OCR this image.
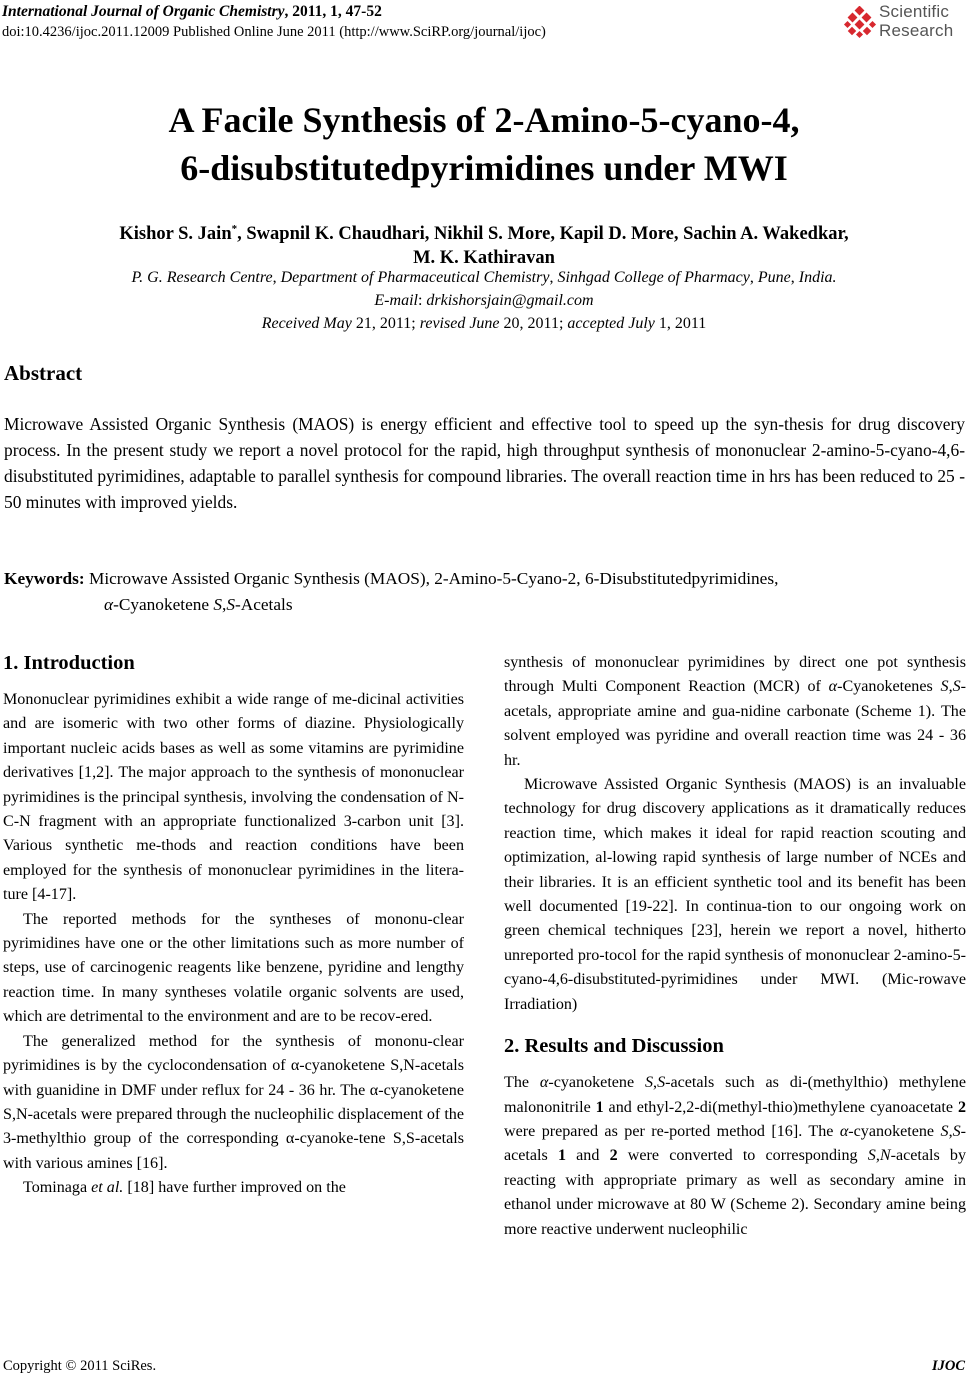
International Journal of Organic Chemistry, 2011, 1, 47-52
doi:10.4236/ijoc.2011.12009 Published Online June 2011 (http://www.SciRP.org/journal/ijoc)
Scientific
Research
A Facile Synthesis of 2-Amino-5-cyano-4,
6-disubstitutedpyrimidines under MWI
Kishor S. Jain*, Swapnil K. Chaudhari, Nikhil S. More, Kapil D. More, Sachin A. Wakedkar,
M. K. Kathiravan
P. G. Research Centre, Department of Pharmaceutical Chemistry, Sinhgad College of Pharmacy, Pune, India.
E-mail: drkishorsjain@gmail.com
Received May 21, 2011; revised June 20, 2011; accepted July 1, 2011
Abstract
Microwave Assisted Organic Synthesis (MAOS) is energy efficient and effective tool to speed up the syn-thesis for drug discovery process. In the present study we report a novel protocol for the rapid, high throughput synthesis of mononuclear 2-amino-5-cyano-4,6-disubstituted pyrimidines, adaptable to parallel synthesis for compound libraries. The overall reaction time in hrs has been reduced to 25 - 50 minutes with improved yields.
Keywords: Microwave Assisted Organic Synthesis (MAOS), 2-Amino-5-Cyano-2, 6-Disubstitutedpyrimidines,
α-Cyanoketene S,S-Acetals
1. Introduction

Mononuclear pyrimidines exhibit a wide range of me-dicinal activities and are isomeric with two other forms of diazine. Physiologically important nucleic acids bases as well as some vitamins are pyrimidine derivatives [1,2]. The major approach to the synthesis of mononuclear pyrimidines is the principal synthesis, involving the condensation of N-C-N fragment with an appropriate functionalized 3-carbon unit [3]. Various synthetic me-thods and reaction conditions have been employed for the synthesis of mononuclear pyrimidines in the litera-ture [4-17].

The reported methods for the syntheses of mononu-clear pyrimidines have one or the other limitations such as more number of steps, use of carcinogenic reagents like benzene, pyridine and lengthy reaction time. In many syntheses volatile organic solvents are used, which are detrimental to the environment and are to be recov-ered.

The generalized method for the synthesis of mononu-clear pyrimidines is by the cyclocondensation of α-cyanoketene S,N-acetals with guanidine in DMF under reflux for 24 - 36 hr. The α-cyanoketene S,N-acetals were prepared through the nucleophilic displacement of the 3-methylthio group of the corresponding α-cyanoke-tene S,S-acetals with various amines [16].

Tominaga et al. [18] have further improved on the

synthesis of mononuclear pyrimidines by direct one pot synthesis through Multi Component Reaction (MCR) of α-Cyanoketenes S,S-acetals, appropriate amine and gua-nidine carbonate (Scheme 1). The solvent employed was pyridine and overall reaction time was 24 - 36 hr.

Microwave Assisted Organic Synthesis (MAOS) is an invaluable technology for drug discovery applications as it dramatically reduces reaction time, which makes it ideal for rapid reaction scouting and optimization, al-lowing rapid synthesis of large number of NCEs and their libraries. It is an efficient synthetic tool and its benefit has been well documented [19-22]. In continua-tion to our ongoing work on green chemical techniques [23], herein we report a novel, hitherto unreported pro-tocol for the rapid synthesis of mononuclear 2-amino-5-cyano-4,6-disubstituted-pyrimidines under MWI. (Mic-rowave Irradiation)

2. Results and Discussion

The α-cyanoketene S,S-acetals such as di-(methylthio) methylene malononitrile 1 and ethyl-2,2-di(methyl-thio)methylene cyanoacetate 2 were prepared as per re-ported method [16]. The α-cyanoketene S,S-acetals 1 and 2 were converted to corresponding S,N-acetals by reacting with appropriate primary as well as secondary amine in ethanol under microwave at 80 W (Scheme 2). Secondary amine being more reactive underwent nucleophilic

Copyright © 2011 SciRes.	IJOC
